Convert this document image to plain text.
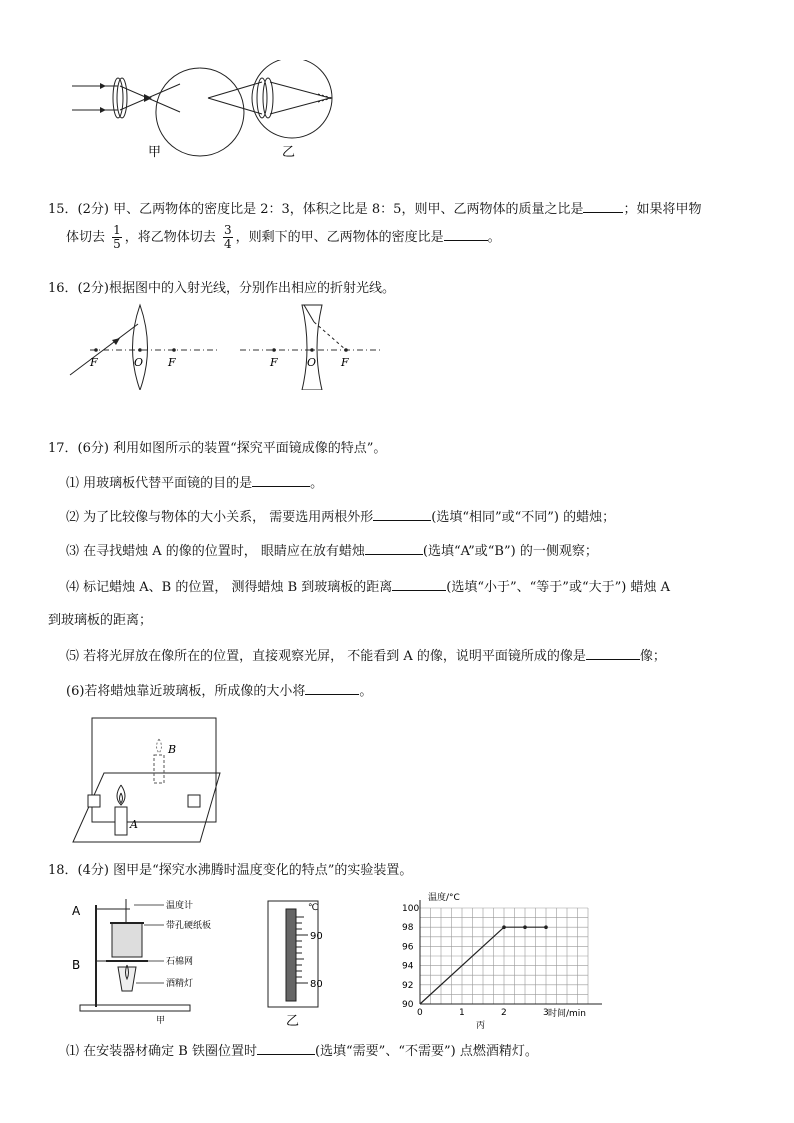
甲	乙
15．(2分) 甲、乙两物体的密度比是 2：3，体积之比是 8：5，则甲、乙两物体的质量之比是	；如果将甲物
体切去 $\frac{1}{5}$ ，将乙物体切去 $\frac{3}{4}$ ，则剩下的甲、乙两物体的密度比是	。
16．(2分)根据图中的入射光线，分别作出相应的折射光线。
F	O F	F	O F
17．(6分) 利用如图所示的装置“探究平面镜成像的特点”。
⑴ 用玻璃板代替平面镜的目的是	。
⑵ 为了比较像与物体的大小关系， 需要选用两根外形	(选填“相同”或“不同”) 的蜡烛；
⑶ 在寻找蜡烛 A 的像的位置时， 眼睛应在放有蜡烛	(选填“A”或“B”) 的一侧观察；
⑷ 标记蜡烛 A、B 的位置， 测得蜡烛 B 到玻璃板的距离	(选填“小于”、“等于”或“大于”) 蜡烛 A
到玻璃板的距离；
⑸ 若将光屏放在像所在的位置，直接观察光屏， 不能看到 A 的像，说明平面镜所成的像是	像；
(6)若将蜡烛靠近玻璃板，所成像的大小将	。
B
A
18．(4分) 图甲是“探究水沸腾时温度变化的特点”的实验装置。
A
B
温度计
带孔硬纸板
石棉网
酒精灯
甲
℃
90
80
乙
0	1	2	3
90
92
94
96
98
100
温度/°C
时间/min
丙
⑴ 在安装器材确定 B 铁圈位置时	(选填“需要”、“不需要”) 点燃酒精灯。
